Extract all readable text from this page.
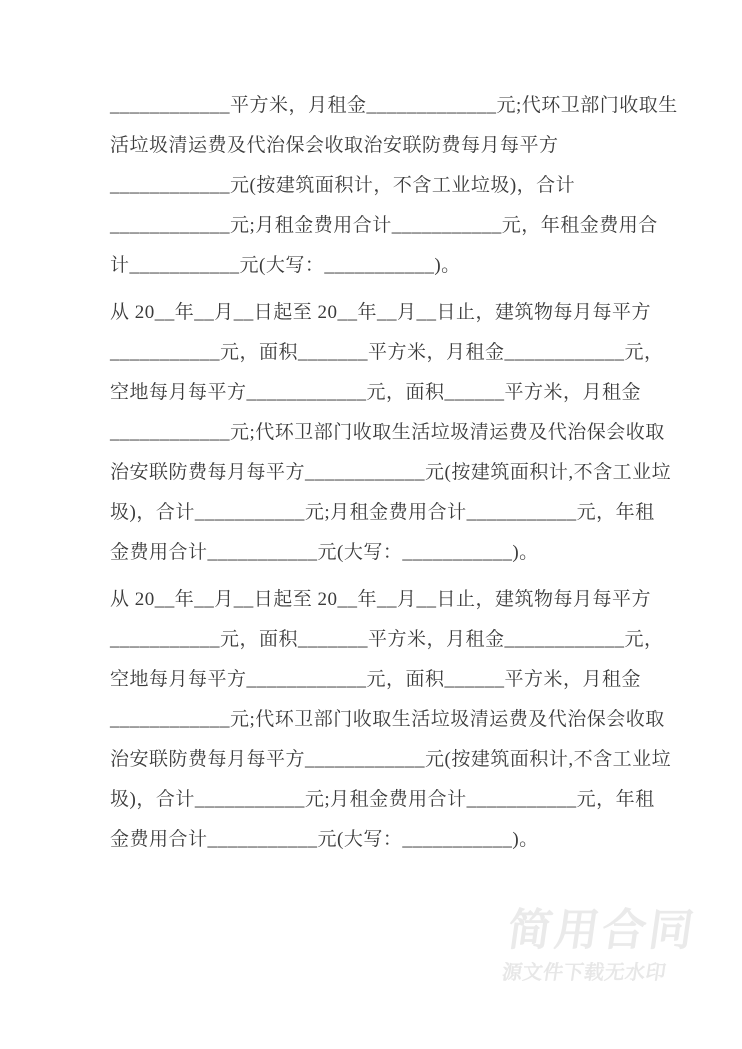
____________平方米，月租金_____________元;代环卫部门收取生
活垃圾清运费及代治保会收取治安联防费每月每平方
____________元(按建筑面积计，不含工业垃圾)，合计
____________元;月租金费用合计___________元，年租金费用合
计___________元(大写：___________)。
从 20__年__月__日起至 20__年__月__日止，建筑物每月每平方
___________元，面积_______平方米，月租金____________元，
空地每月每平方____________元，面积______平方米，月租金
____________元;代环卫部门收取生活垃圾清运费及代治保会收取
治安联防费每月每平方____________元(按建筑面积计,不含工业垃
圾)，合计___________元;月租金费用合计___________元，年租
金费用合计___________元(大写：___________)。
从 20__年__月__日起至 20__年__月__日止，建筑物每月每平方
___________元，面积_______平方米，月租金____________元，
空地每月每平方____________元，面积______平方米，月租金
____________元;代环卫部门收取生活垃圾清运费及代治保会收取
治安联防费每月每平方____________元(按建筑面积计,不含工业垃
圾)，合计___________元;月租金费用合计___________元，年租
金费用合计___________元(大写：___________)。
简用合同
源文件下载无水印
